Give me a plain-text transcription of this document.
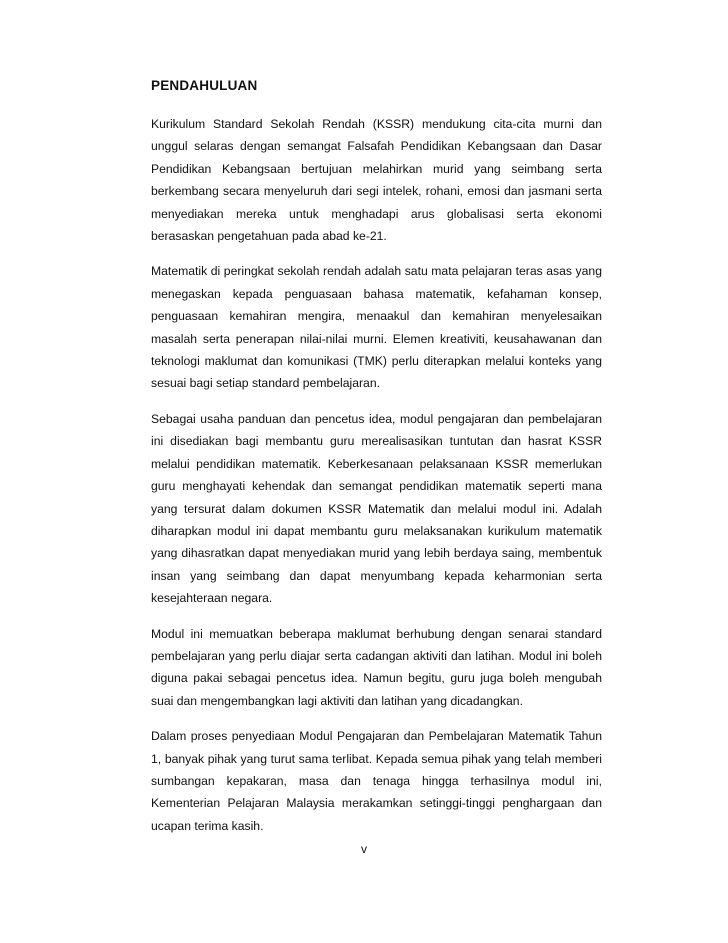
PENDAHULUAN

Kurikulum Standard Sekolah Rendah (KSSR) mendukung cita-cita murni dan unggul selaras dengan semangat Falsafah Pendidikan Kebangsaan dan Dasar Pendidikan Kebangsaan bertujuan melahirkan murid yang seimbang serta berkembang secara menyeluruh dari segi intelek, rohani, emosi dan jasmani serta menyediakan mereka untuk menghadapi arus globalisasi serta ekonomi berasaskan pengetahuan pada abad ke-21.

Matematik di peringkat sekolah rendah adalah satu mata pelajaran teras asas yang menegaskan kepada penguasaan bahasa matematik, kefahaman konsep, penguasaan kemahiran mengira, menaakul dan kemahiran menyelesaikan masalah serta penerapan nilai-nilai murni. Elemen kreativiti, keusahawanan dan teknologi maklumat dan komunikasi (TMK) perlu diterapkan melalui konteks yang sesuai bagi setiap standard pembelajaran.

Sebagai usaha panduan dan pencetus idea, modul pengajaran dan pembelajaran ini disediakan bagi membantu guru merealisasikan tuntutan dan hasrat KSSR melalui pendidikan matematik. Keberkesanaan pelaksanaan KSSR memerlukan guru menghayati kehendak dan semangat pendidikan matematik seperti mana yang tersurat dalam dokumen KSSR Matematik dan melalui modul ini. Adalah diharapkan modul ini dapat membantu guru melaksanakan kurikulum matematik yang dihasratkan dapat menyediakan murid yang lebih berdaya saing, membentuk insan yang seimbang dan dapat menyumbang kepada keharmonian serta kesejahteraan negara.

Modul ini memuatkan beberapa maklumat berhubung dengan senarai standard pembelajaran yang perlu diajar serta cadangan aktiviti dan latihan. Modul ini boleh diguna pakai sebagai pencetus idea. Namun begitu, guru juga boleh mengubah suai dan mengembangkan lagi aktiviti dan latihan yang dicadangkan.

Dalam proses penyediaan Modul Pengajaran dan Pembelajaran Matematik Tahun 1, banyak pihak yang turut sama terlibat. Kepada semua pihak yang telah memberi sumbangan kepakaran, masa dan tenaga hingga terhasilnya modul ini, Kementerian Pelajaran Malaysia merakamkan setinggi-tinggi penghargaan dan ucapan terima kasih.

v
